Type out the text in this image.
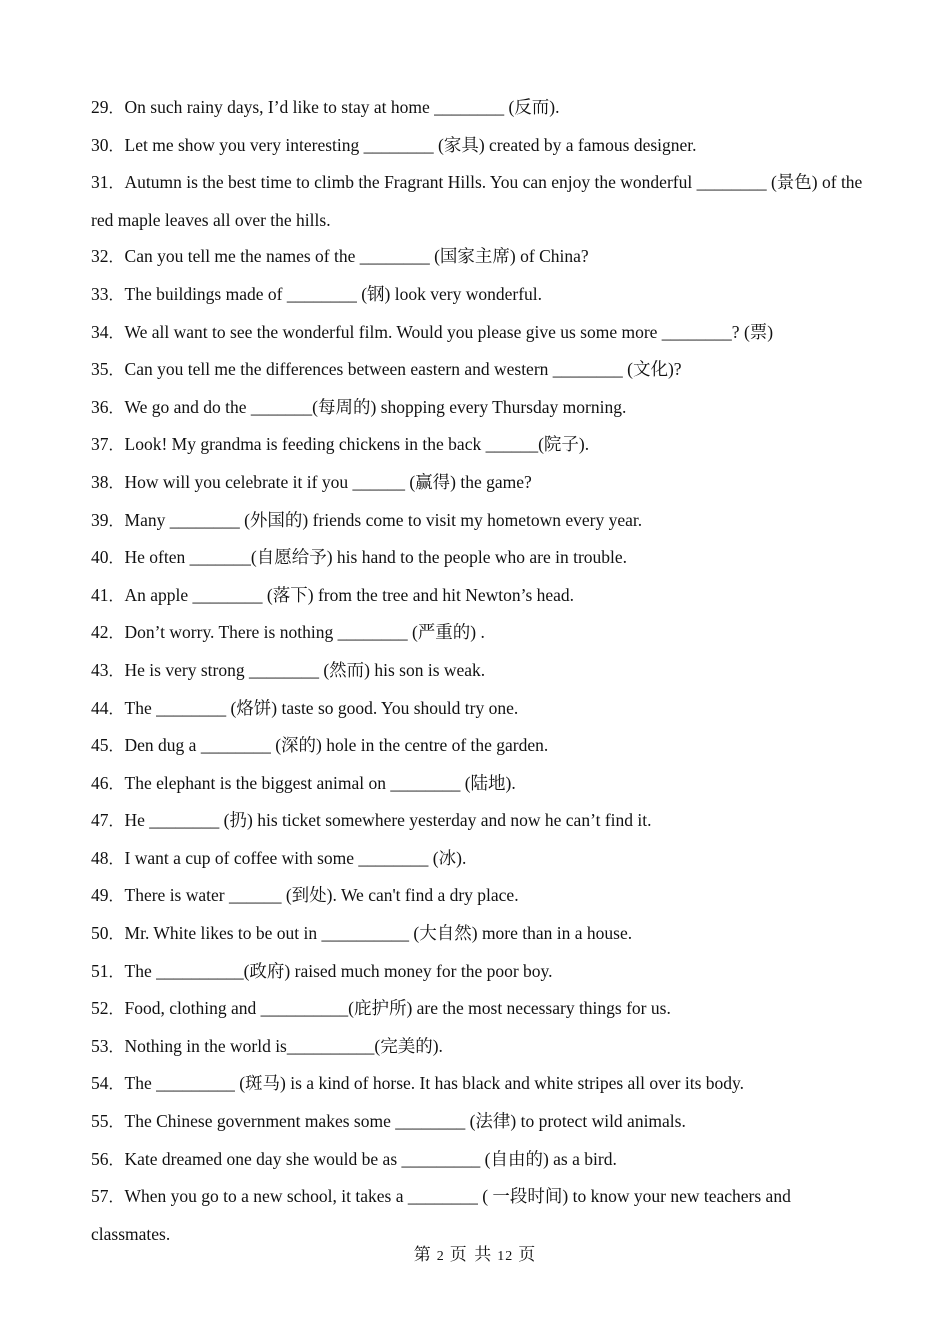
29 ． On such rainy days, I’d like to stay at home ________ (反而).
30 ． Let me show you very interesting ________ (家具) created by a famous designer.
31 ． Autumn is the best time to climb the Fragrant Hills. You can enjoy the wonderful ________ (景色) of the red maple leaves all over the hills.
32 ． Can you tell me the names of the ________ (国家主席) of China?
33 ． The buildings made of ________ (钢) look very wonderful.
34 ． We all want to see the wonderful film. Would you please give us some more ________? (票)
35 ． Can you tell me the differences between eastern and western ________ (文化)?
36 ． We go and do the _______(每周的) shopping every Thursday morning.
37 ． Look! My grandma is feeding chickens in the back ______(院子).
38 ． How will you celebrate it if you ______ (赢得) the game?
39 ． Many ________ (外国的) friends come to visit my hometown every year.
40 ． He often _______(自愿给予) his hand to the people who are in trouble.
41 ． An apple ________ (落下) from the tree and hit Newton’s head.
42 ． Don’t worry. There is nothing ________ (严重的) .
43 ． He is very strong ________ (然而) his son is weak.
44 ． The ________ (烙饼) taste so good. You should try one.
45 ． Den dug a ________ (深的) hole in the centre of the garden.
46 ． The elephant is the biggest animal on ________ (陆地).
47 ． He ________ (扔) his ticket somewhere yesterday and now he can’t find it.
48 ． I want a cup of coffee with some ________ (冰).
49 ． There is water ______ (到处). We can't find a dry place.
50 ． Mr. White likes to be out in __________ (大自然) more than in a house.
51 ． The __________(政府) raised much money for the poor boy.
52 ． Food, clothing and __________(庇护所) are the most necessary things for us.
53 ． Nothing in the world is__________(完美的).
54 ． The _________ (斑马) is a kind of horse. It has black and white stripes all over its body.
55 ． The Chinese government makes some ________ (法律) to protect wild animals.
56 ． Kate dreamed one day she would be as _________ (自由的) as a bird.
57 ． When you go to a new school, it takes a ________ ( 一段时间) to know your new teachers and classmates.
第 2 页 共 12 页
